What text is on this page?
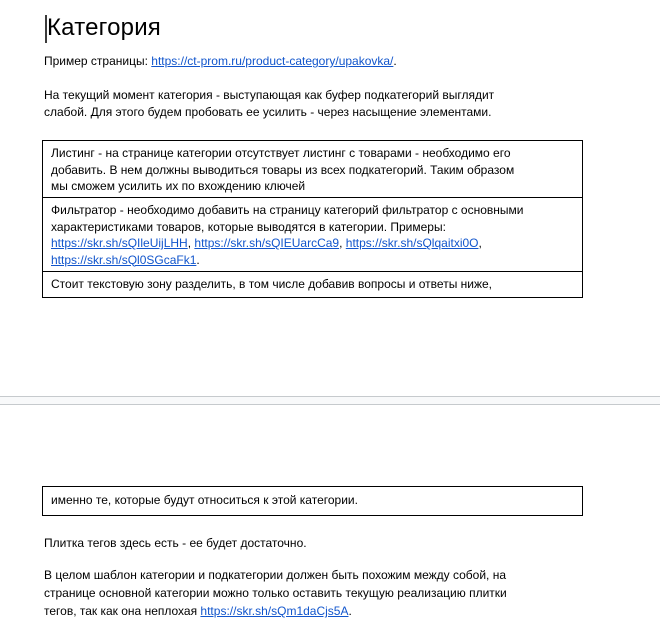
Категория
Пример страницы: https://ct-prom.ru/product-category/upakovka/.
На текущий момент категория - выступающая как буфер подкатегорий выглядит
слабой. Для этого будем пробовать ее усилить - через насыщение элементами.
Листинг - на странице категории отсутствует листинг с товарами - необходимо его
добавить. В нем должны выводиться товары из всех подкатегорий. Таким образом
мы сможем усилить их по вхождению ключей
Фильтратор - необходимо добавить на страницу категорий фильтратор с основными
характеристиками товаров, которые выводятся в категории. Примеры:
https://skr.sh/sQIleUijLHH, https://skr.sh/sQIEUarcCa9, https://skr.sh/sQlqaitxi0O, https://skr.sh/sQl0SGcaFk1.
Стоит текстовую зону разделить, в том числе добавив вопросы и ответы ниже,
именно те, которые будут относиться к этой категории.
Плитка тегов здесь есть - ее будет достаточно.
В целом шаблон категории и подкатегории должен быть похожим между собой, на
странице основной категории можно только оставить текущую реализацию плитки
тегов, так как она неплохая https://skr.sh/sQm1daCjs5A.
